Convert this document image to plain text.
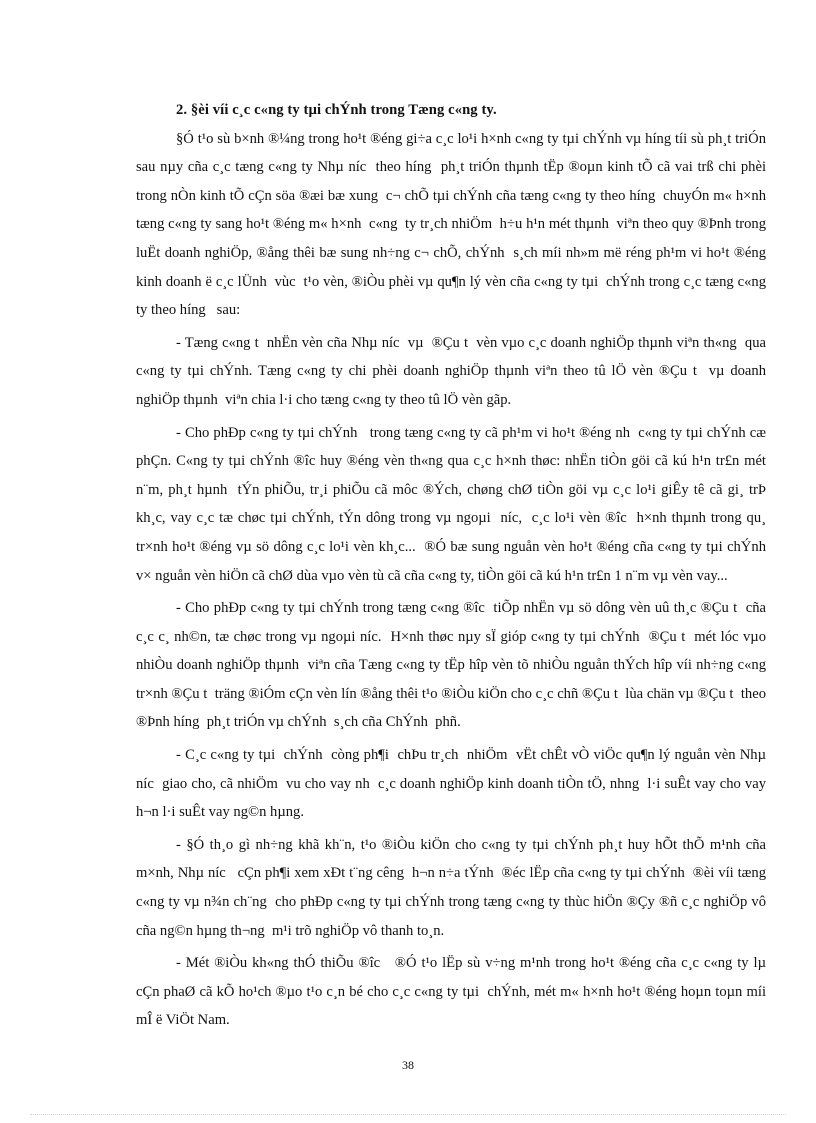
2. §èi víi c¸c c«ng ty tµi chÝnh trong Tæng c«ng ty.

§Ó t¹o sù b×nh ®¼ng trong ho¹t ®éng gi÷a c¸c lo¹i h×nh c«ng ty tµi chÝnh vµ híng tíi sù ph¸t triÓn sau nµy cña c¸c tæng c«ng ty Nhµ níc  theo híng  ph¸t triÓn thµnh tËp ®oµn kinh tÕ cã vai trß chi phèi trong nÒn kinh tÕ cÇn söa ®æi bæ xung  c¬ chÕ tµi chÝnh cña tæng c«ng ty theo híng  chuyÓn m« h×nh tæng c«ng ty sang ho¹t ®éng m« h×nh  c«ng  ty tr¸ch nhiÖm  h÷u h¹n mét thµnh  viªn theo quy ®Þnh trong luËt doanh nghiÖp, ®ång thêi bæ sung nh÷ng c¬ chÕ, chÝnh  s¸ch míi nh»m më réng ph¹m vi ho¹t ®éng kinh doanh ë c¸c lÜnh  vùc  t¹o vèn, ®iÒu phèi vµ qu¶n lý vèn cña c«ng ty tµi  chÝnh trong c¸c tæng c«ng ty theo híng   sau:

- Tæng c«ng t  nhËn vèn cña Nhµ níc  vµ  ®Çu t  vèn vµo c¸c doanh nghiÖp thµnh viªn th«ng  qua c«ng ty tµi chÝnh. Tæng c«ng ty chi phèi doanh nghiÖp thµnh viªn theo tû lÖ vèn ®Çu t  vµ doanh nghiÖp thµnh  viªn chia l·i cho tæng c«ng ty theo tû lÖ vèn gãp.

- Cho phÐp c«ng ty tµi chÝnh   trong tæng c«ng ty cã ph¹m vi ho¹t ®éng nh  c«ng ty tµi chÝnh cæ phÇn. C«ng ty tµi chÝnh ®îc huy ®éng vèn th«ng qua c¸c h×nh thøc: nhËn tiÒn göi cã kú h¹n tr£n mét n¨m, ph¸t hµnh  tÝn phiÕu, tr¸i phiÕu cã môc ®Ých, chøng chØ tiÒn göi vµ c¸c lo¹i giÊy tê cã gi¸ trÞ kh¸c, vay c¸c tæ chøc tµi chÝnh, tÝn dông trong vµ ngoµi  níc,  c¸c lo¹i vèn ®îc  h×nh thµnh trong qu¸ tr×nh ho¹t ®éng vµ sö dông c¸c lo¹i vèn kh¸c...  ®Ó bæ sung nguån vèn ho¹t ®éng cña c«ng ty tµi chÝnh v× nguån vèn hiÖn cã chØ dùa vµo vèn tù cã cña c«ng ty, tiÒn göi cã kú h¹n tr£n 1 n¨m vµ vèn vay...

- Cho phÐp c«ng ty tµi chÝnh trong tæng c«ng ®îc  tiÕp nhËn vµ sö dông vèn uû th¸c ®Çu t  cña c¸c c¸ nh©n, tæ chøc trong vµ ngoµi níc.  H×nh thøc nµy sÏ gióp c«ng ty tµi chÝnh  ®Çu t  mét lóc vµo nhiÒu doanh nghiÖp thµnh  viªn cña Tæng c«ng ty tËp hîp vèn tõ nhiÒu nguån thÝch hîp víi nh÷ng c«ng tr×nh ®Çu t  träng ®iÓm cÇn vèn lín ®ång thêi t¹o ®iÒu kiÖn cho c¸c chñ ®Çu t  lùa chän vµ ®Çu t  theo ®Þnh híng  ph¸t triÓn vµ chÝnh  s¸ch cña ChÝnh  phñ.

- C¸c c«ng ty tµi  chÝnh  còng ph¶i  chÞu tr¸ch  nhiÖm  vËt chÊt vÒ viÖc qu¶n lý nguån vèn Nhµ níc  giao cho, cã nhiÖm  vu cho vay nh  c¸c doanh nghiÖp kinh doanh tiÒn tÖ, nhng  l·i suÊt vay cho vay h¬n l·i suÊt vay ng©n hµng.

- §Ó th¸o gì nh÷ng khã kh¨n, t¹o ®iÒu kiÖn cho c«ng ty tµi chÝnh ph¸t huy hÕt thÕ m¹nh cña m×nh, Nhµ níc   cÇn ph¶i xem xÐt t¨ng cêng  h¬n n÷a tÝnh  ®éc lËp cña c«ng ty tµi chÝnh  ®èi víi tæng c«ng ty vµ n¾n ch¨ng  cho phÐp c«ng ty tµi chÝnh trong tæng c«ng ty thùc hiÖn ®Çy ®ñ c¸c nghiÖp vô cña ng©n hµng th¬ng  m¹i trõ nghiÖp vô thanh to¸n.

- Mét ®iÒu kh«ng thÓ thiÕu ®îc   ®Ó t¹o lËp sù v÷ng m¹nh trong ho¹t ®éng cña c¸c c«ng ty lµ  cÇn phaØ cã kÕ ho¹ch ®µo t¹o c¸n bé cho c¸c c«ng ty tµi  chÝnh, mét m« h×nh ho¹t ®éng hoµn toµn míi mÎ ë ViÖt Nam.

38
